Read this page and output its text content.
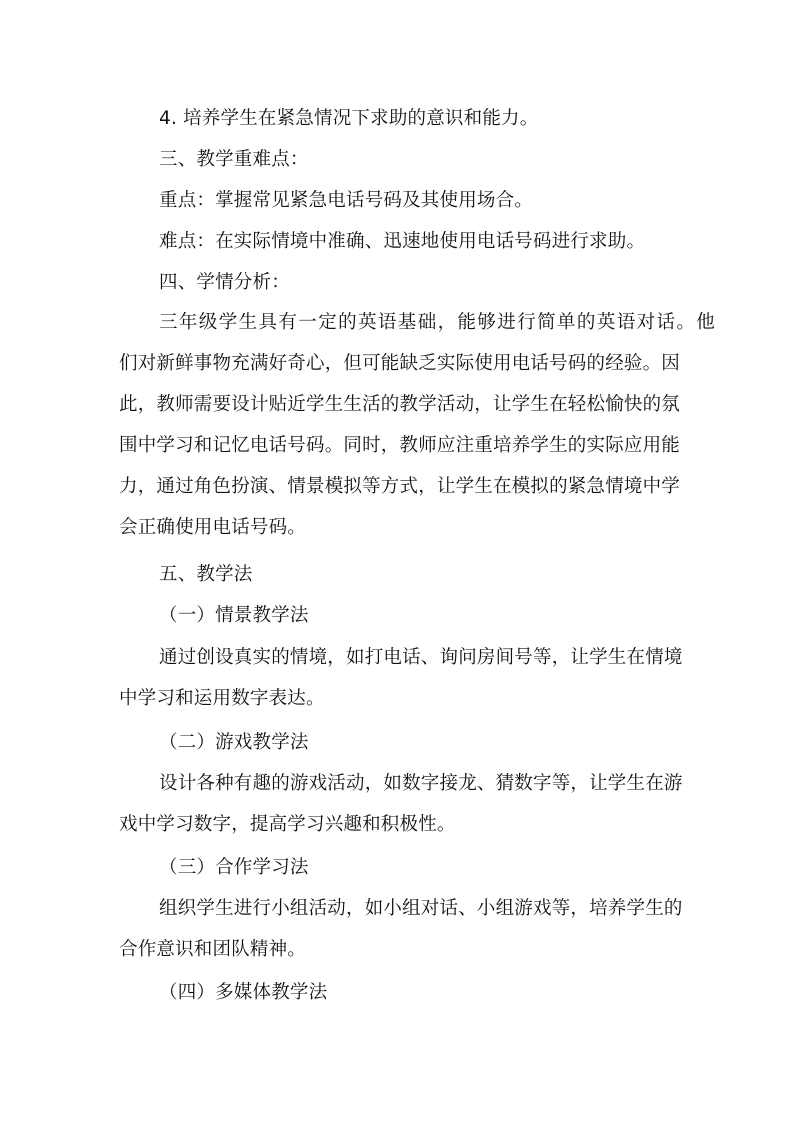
4. 培养学生在紧急情况下求助的意识和能力。
三、教学重难点：
重点：掌握常见紧急电话号码及其使用场合。
难点：在实际情境中准确、迅速地使用电话号码进行求助。
四、学情分析：
三年级学生具有一定的英语基础，能够进行简单的英语对话。他
们对新鲜事物充满好奇心，但可能缺乏实际使用电话号码的经验。因
此，教师需要设计贴近学生生活的教学活动，让学生在轻松愉快的氛
围中学习和记忆电话号码。同时，教师应注重培养学生的实际应用能
力，通过角色扮演、情景模拟等方式，让学生在模拟的紧急情境中学
会正确使用电话号码。
五、教学法
（一）情景教学法
通过创设真实的情境，如打电话、询问房间号等，让学生在情境
中学习和运用数字表达。
（二）游戏教学法
设计各种有趣的游戏活动，如数字接龙、猜数字等，让学生在游
戏中学习数字，提高学习兴趣和积极性。
（三）合作学习法
组织学生进行小组活动，如小组对话、小组游戏等，培养学生的
合作意识和团队精神。
（四）多媒体教学法
